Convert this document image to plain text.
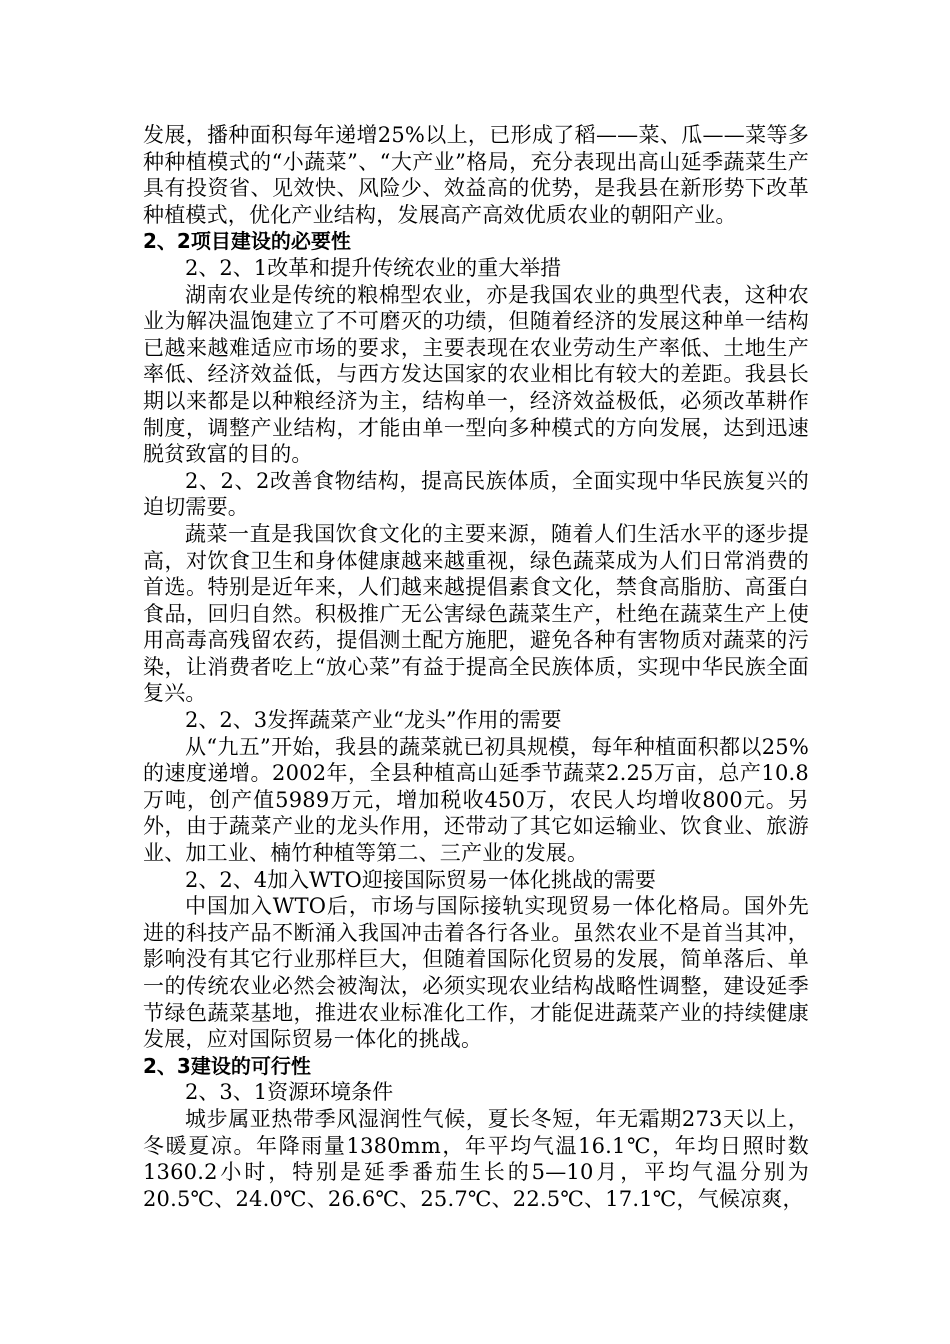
发展，播种面积每年递增25%以上，已形成了稻——菜、瓜——菜等多种种植模式的“小蔬菜”、“大产业”格局，充分表现出高山延季蔬菜生产具有投资省、见效快、风险少、效益高的优势，是我县在新形势下改革种植模式，优化产业结构，发展高产高效优质农业的朝阳产业。

2、2项目建设的必要性

2、2、1改革和提升传统农业的重大举措

湖南农业是传统的粮棉型农业，亦是我国农业的典型代表，这种农业为解决温饱建立了不可磨灭的功绩，但随着经济的发展这种单一结构已越来越难适应市场的要求，主要表现在农业劳动生产率低、土地生产率低、经济效益低，与西方发达国家的农业相比有较大的差距。我县长期以来都是以种粮经济为主，结构单一，经济效益极低，必须改革耕作制度，调整产业结构，才能由单一型向多种模式的方向发展，达到迅速脱贫致富的目的。

2、2、2改善食物结构，提高民族体质，全面实现中华民族复兴的迫切需要。

蔬菜一直是我国饮食文化的主要来源，随着人们生活水平的逐步提高，对饮食卫生和身体健康越来越重视，绿色蔬菜成为人们日常消费的首选。特别是近年来，人们越来越提倡素食文化，禁食高脂肪、高蛋白食品，回归自然。积极推广无公害绿色蔬菜生产，杜绝在蔬菜生产上使用高毒高残留农药，提倡测土配方施肥，避免各种有害物质对蔬菜的污染，让消费者吃上“放心菜”有益于提高全民族体质，实现中华民族全面复兴。

2、2、3发挥蔬菜产业“龙头”作用的需要

从“九五”开始，我县的蔬菜就已初具规模，每年种植面积都以25%的速度递增。2002年，全县种植高山延季节蔬菜2.25万亩，总产10.8万吨，创产值5989万元，增加税收450万，农民人均增收800元。另外，由于蔬菜产业的龙头作用，还带动了其它如运输业、饮食业、旅游业、加工业、楠竹种植等第二、三产业的发展。

2、2、4加入WTO迎接国际贸易一体化挑战的需要

中国加入WTO后，市场与国际接轨实现贸易一体化格局。国外先进的科技产品不断涌入我国冲击着各行各业。虽然农业不是首当其冲，影响没有其它行业那样巨大，但随着国际化贸易的发展，简单落后、单一的传统农业必然会被淘汰，必须实现农业结构战略性调整，建设延季节绿色蔬菜基地，推进农业标准化工作，才能促进蔬菜产业的持续健康发展，应对国际贸易一体化的挑战。

2、3建设的可行性

2、3、1资源环境条件

城步属亚热带季风湿润性气候，夏长冬短，年无霜期273天以上，冬暖夏凉。年降雨量1380mm，年平均气温16.1℃，年均日照时数1360.2小时，特别是延季番茄生长的5—10月，平均气温分别为20.5℃、24.0℃、26.6℃、25.7℃、22.5℃、17.1℃，气候凉爽，
